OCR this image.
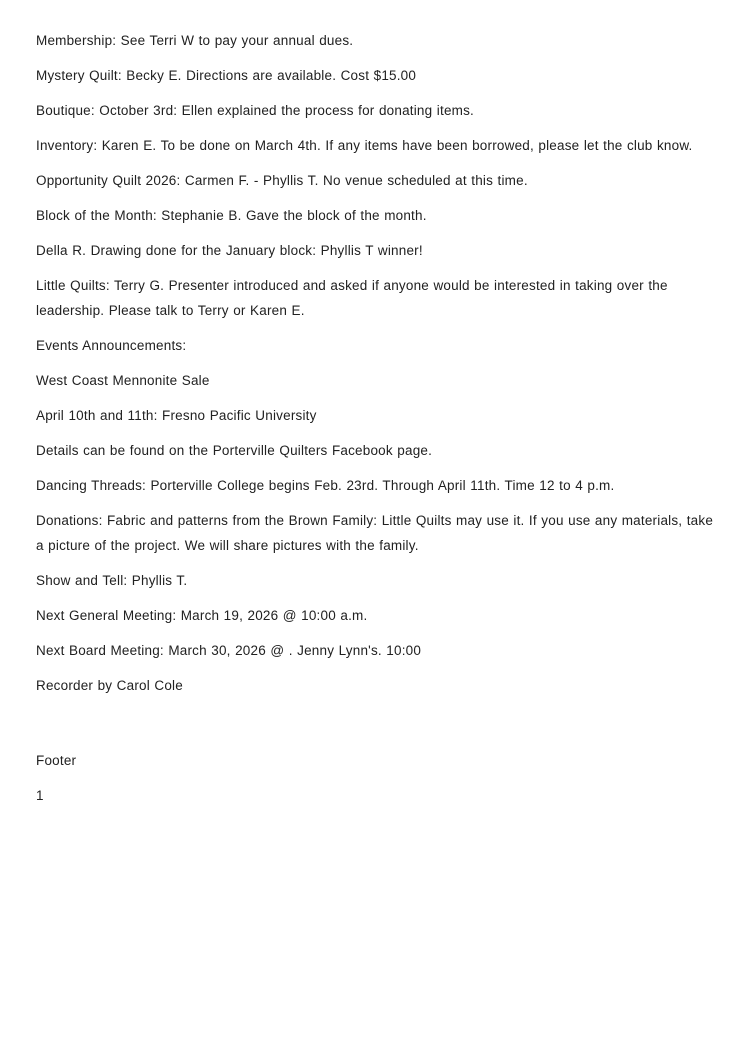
Membership: See Terri W to pay your annual dues.

Mystery Quilt: Becky E. Directions are available. Cost $15.00

Boutique: October 3rd: Ellen explained the process for donating items.

Inventory: Karen E. To be done on March 4th. If any items have been borrowed, please let the club know.

Opportunity Quilt 2026: Carmen F. - Phyllis T. No venue scheduled at this time.

Block of the Month: Stephanie B. Gave the block of the month.

Della R. Drawing done for the January block: Phyllis T winner!

Little Quilts: Terry G. Presenter introduced and asked if anyone would be interested in taking over the leadership. Please talk to Terry or Karen E.

Events Announcements:

West Coast Mennonite Sale

April 10th and 11th: Fresno Pacific University

Details can be found on the Porterville Quilters Facebook page.

Dancing Threads: Porterville College begins Feb. 23rd. Through April 11th. Time 12 to 4 p.m.

Donations: Fabric and patterns from the Brown Family: Little Quilts may use it. If you use any materials, take a picture of the project. We will share pictures with the family.

Show and Tell: Phyllis T.

Next General Meeting: March 19, 2026 @ 10:00 a.m.

Next Board Meeting: March 30, 2026 @ . Jenny Lynn's. 10:00

Recorder by Carol Cole

Footer

1
